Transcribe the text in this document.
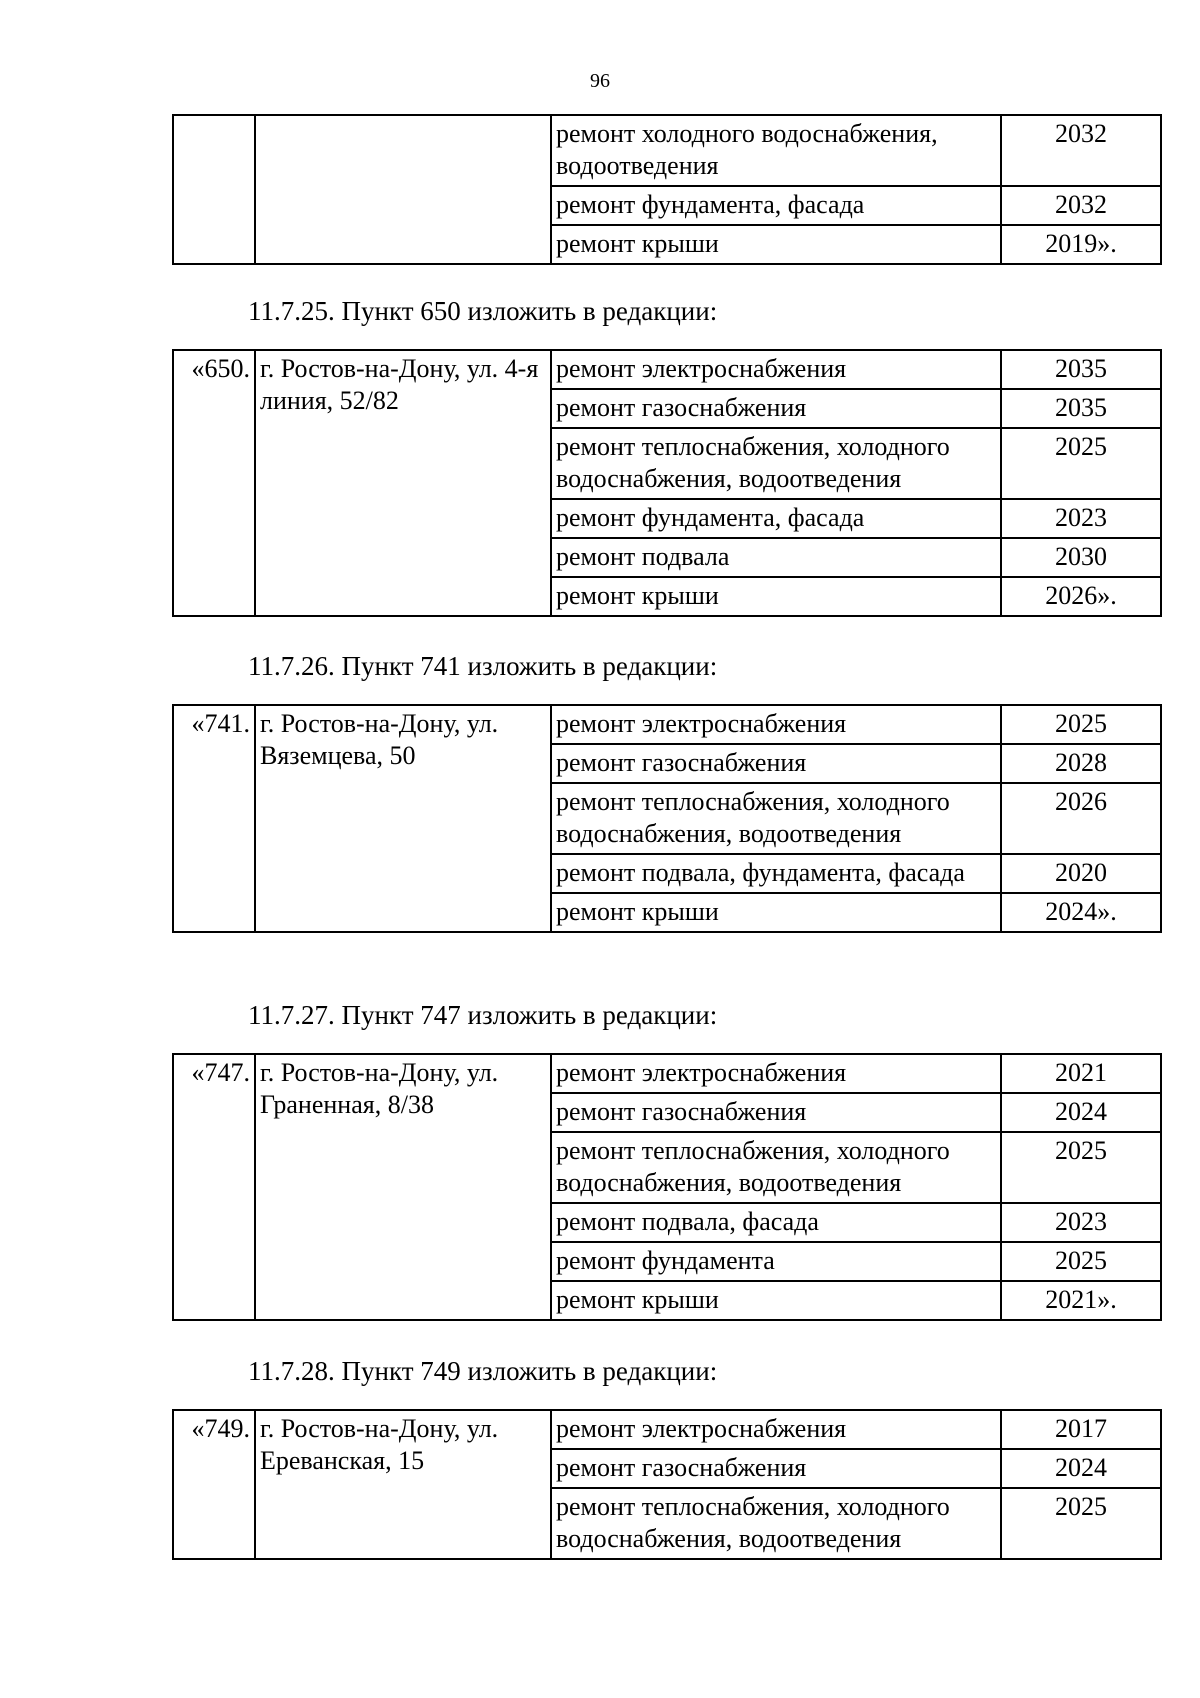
96
		ремонт холодного водоснабжения, водоотведения	2032
		ремонт фундамента, фасада	2032
		ремонт крыши	2019».
11.7.25. Пункт 650 изложить в редакции:
«650.	г. Ростов-на-Дону, ул. 4-я линия, 52/82	ремонт электроснабжения	2035
		ремонт газоснабжения	2035
		ремонт теплоснабжения, холодного водоснабжения, водоотведения	2025
		ремонт фундамента, фасада	2023
		ремонт подвала	2030
		ремонт крыши	2026».
11.7.26. Пункт 741 изложить в редакции:
«741.	г. Ростов-на-Дону, ул. Вяземцева, 50	ремонт электроснабжения	2025
		ремонт газоснабжения	2028
		ремонт теплоснабжения, холодного водоснабжения, водоотведения	2026
		ремонт подвала, фундамента, фасада	2020
		ремонт крыши	2024».
11.7.27. Пункт 747 изложить в редакции:
«747.	г. Ростов-на-Дону, ул. Граненная, 8/38	ремонт электроснабжения	2021
		ремонт газоснабжения	2024
		ремонт теплоснабжения, холодного водоснабжения, водоотведения	2025
		ремонт подвала, фасада	2023
		ремонт фундамента	2025
		ремонт крыши	2021».
11.7.28. Пункт 749 изложить в редакции:
«749.	г. Ростов-на-Дону, ул. Ереванская, 15	ремонт электроснабжения	2017
		ремонт газоснабжения	2024
		ремонт теплоснабжения, холодного водоснабжения, водоотведения	2025
